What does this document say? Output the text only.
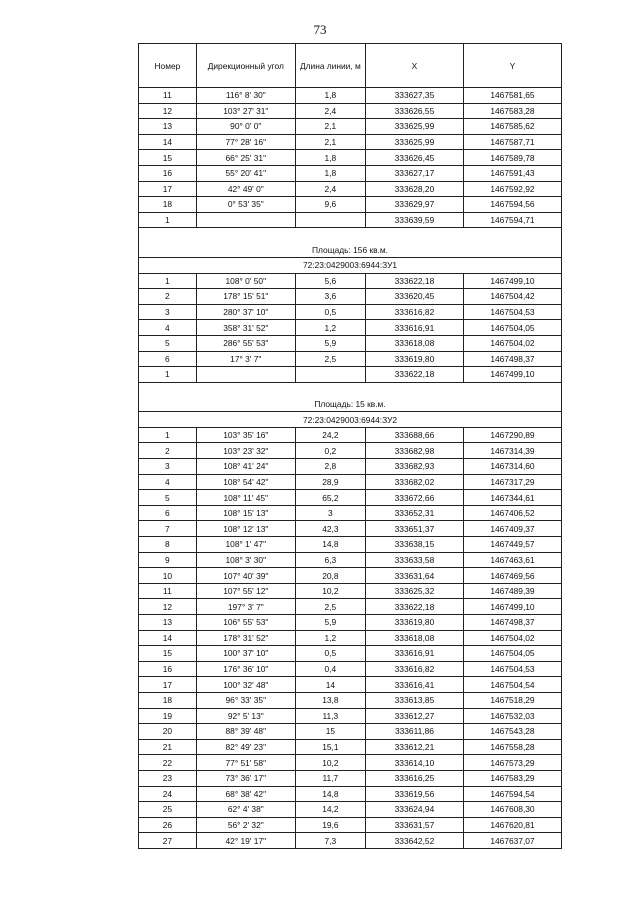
73
Номер	Дирекционный угол	Длина линии, м	X	Y
11	116° 8' 30"	1,8	333627,35	1467581,65
12	103° 27' 31"	2,4	333626,55	1467583,28
13	90° 0' 0"	2,1	333625,99	1467585,62
14	77° 28' 16"	2,1	333625,99	1467587,71
15	66° 25' 31"	1,8	333626,45	1467589,78
16	55° 20' 41"	1,8	333627,17	1467591,43
17	42° 49' 0"	2,4	333628,20	1467592,92
18	0° 53' 35"	9,6	333629,97	1467594,56
1			333639,59	1467594,71

Площадь: 156 кв.м.				
72:23:0429003:6944:ЗУ1				
1	108° 0' 50"	5,6	333622,18	1467499,10
2	178° 15' 51"	3,6	333620,45	1467504,42
3	280° 37' 10"	0,5	333616,82	1467504,53
4	358° 31' 52"	1,2	333616,91	1467504,05
5	286° 55' 53"	5,9	333618,08	1467504,02
6	17° 3' 7"	2,5	333619,80	1467498,37
1			333622,18	1467499,10

Площадь: 15 кв.м.				
72:23:0429003:6944:ЗУ2				
1	103° 35' 16"	24,2	333688,66	1467290,89
2	103° 23' 32"	0,2	333682,98	1467314,39
3	108° 41' 24"	2,8	333682,93	1467314,60
4	108° 54' 42"	28,9	333682,02	1467317,29
5	108° 11' 45"	65,2	333672,66	1467344,61
6	108° 15' 13"	3	333652,31	1467406,52
7	108° 12' 13"	42,3	333651,37	1467409,37
8	108° 1' 47"	14,8	333638,15	1467449,57
9	108° 3' 30"	6,3	333633,58	1467463,61
10	107° 40' 39"	20,8	333631,64	1467469,56
11	107° 55' 12"	10,2	333625,32	1467489,39
12	197° 3' 7"	2,5	333622,18	1467499,10
13	106° 55' 53"	5,9	333619,80	1467498,37
14	178° 31' 52"	1,2	333618,08	1467504,02
15	100° 37' 10"	0,5	333616,91	1467504,05
16	176° 36' 10"	0,4	333616,82	1467504,53
17	100° 32' 48"	14	333616,41	1467504,54
18	96° 33' 35"	13,8	333613,85	1467518,29
19	92° 5' 13"	11,3	333612,27	1467532,03
20	88° 39' 48"	15	333611,86	1467543,28
21	82° 49' 23"	15,1	333612,21	1467558,28
22	77° 51' 58"	10,2	333614,10	1467573,29
23	73° 36' 17"	11,7	333616,25	1467583,29
24	68° 38' 42"	14,8	333619,56	1467594,54
25	62° 4' 38"	14,2	333624,94	1467608,30
26	56° 2' 32"	19,6	333631,57	1467620,81
27	42° 19' 17"	7,3	333642,52	1467637,07
